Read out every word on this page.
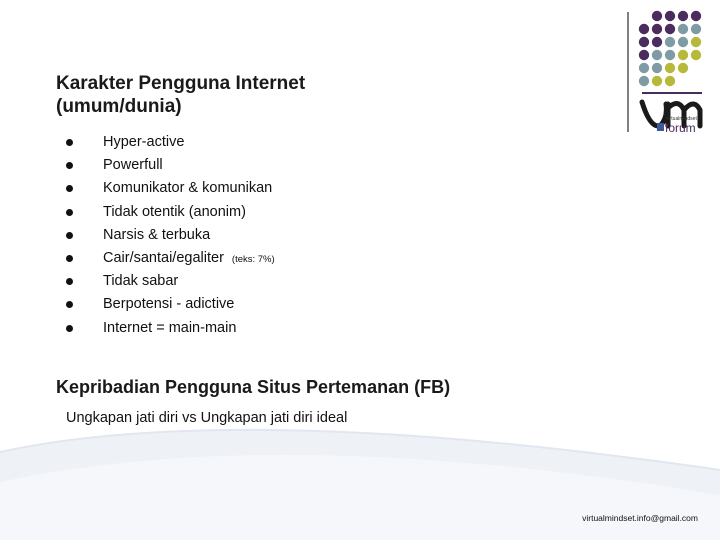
virtualmindset
forum
Karakter Pengguna Internet
(umum/dunia)
Hyper-active
Powerfull
Komunikator & komunikan
Tidak otentik (anonim)
Narsis & terbuka
Cair/santai/egaliter (teks: 7%)
Tidak sabar
Berpotensi - adictive
Internet = main-main
Kepribadian Pengguna Situs Pertemanan (FB)
Ungkapan jati diri vs Ungkapan jati diri ideal
virtualmindset.info@gmail.com
